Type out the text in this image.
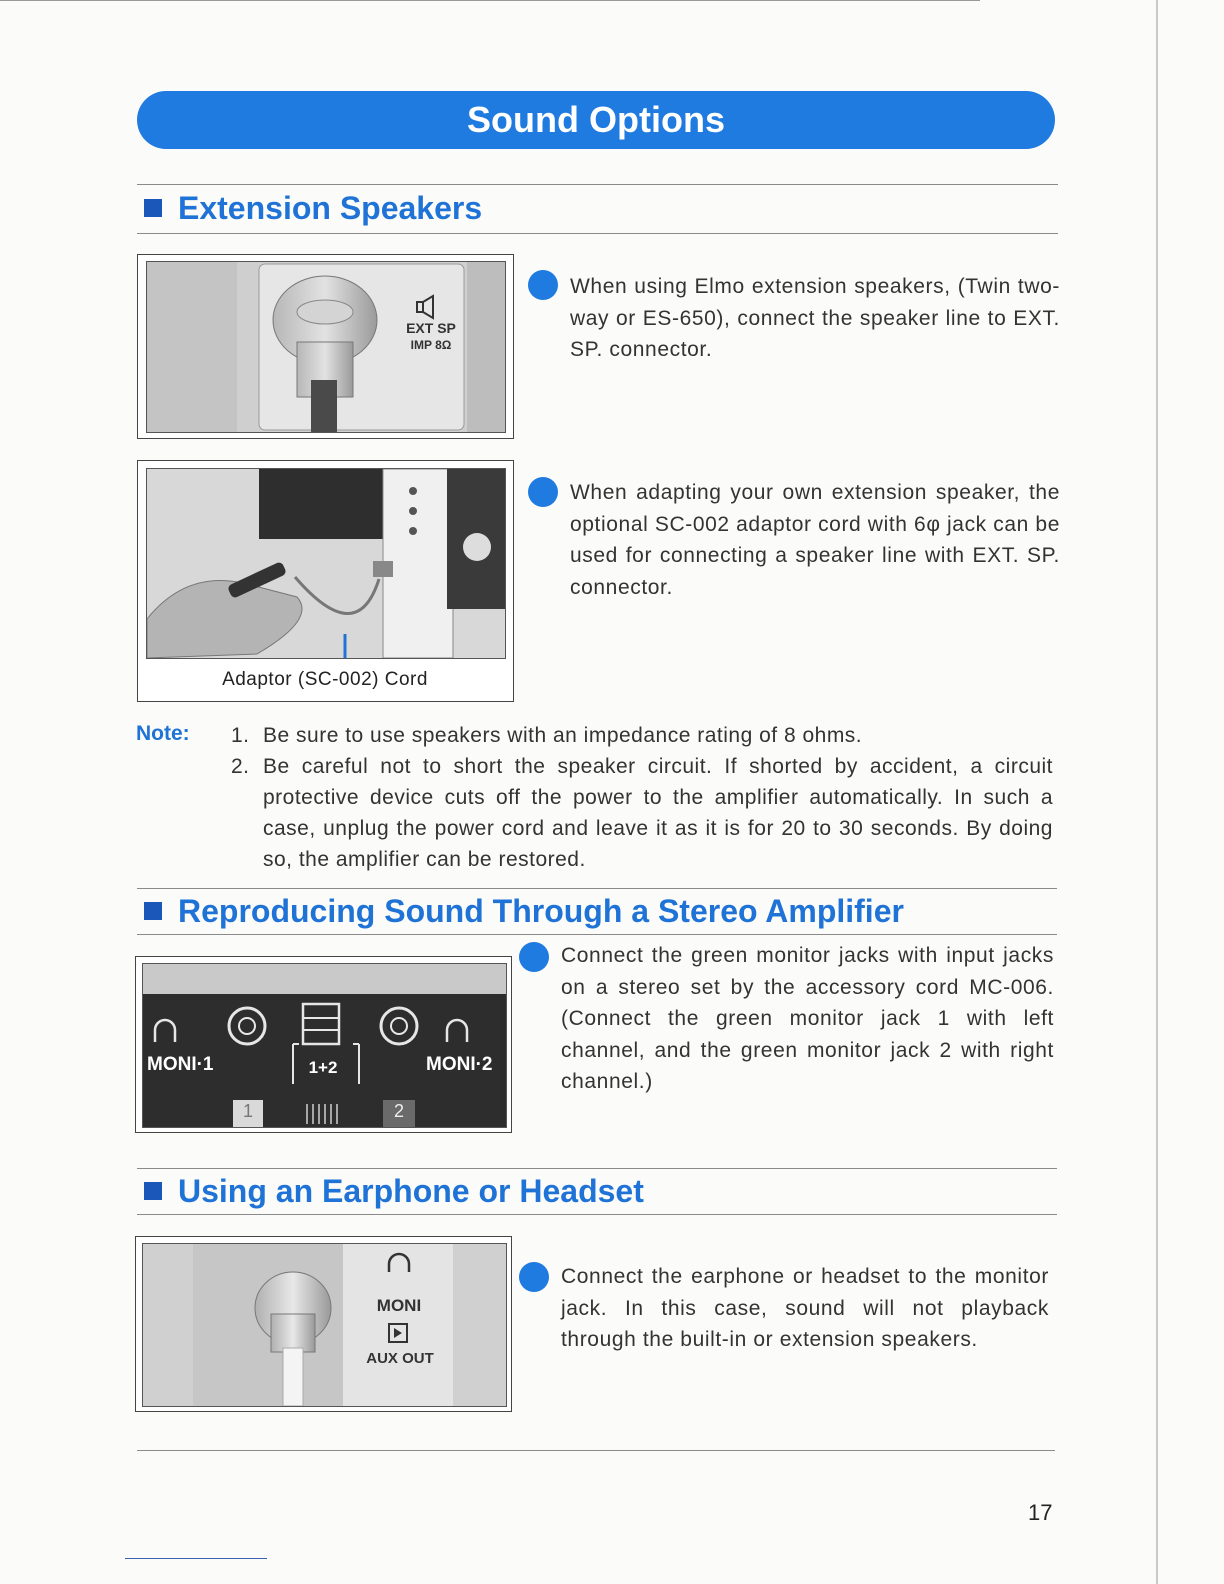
Sound Options
Extension Speakers
EXT SP
IMP 8Ω
When using Elmo extension speakers, (Twin two-way or ES-650), connect the speaker line to EXT. SP. connector.
Adaptor (SC-002) Cord
When adapting your own extension speaker, the optional SC-002 adaptor cord with 6φ jack can be used for connecting a speaker line with EXT. SP. connector.
Note: 1. Be sure to use speakers with an impedance rating of 8 ohms.
2. Be careful not to short the speaker circuit. If shorted by accident, a circuit protective device cuts off the power to the amplifier automatically. In such a case, unplug the power cord and leave it as it is for 20 to 30 seconds. By doing so, the amplifier can be restored.
Reproducing Sound Through a Stereo Amplifier
MONI·1	MONI·2
1+2
1	2
Connect the green monitor jacks with input jacks on a stereo set by the accessory cord MC-006. (Connect the green monitor jack 1 with left channel, and the green monitor jack 2 with right channel.)
Using an Earphone or Headset
MONI
AUX OUT
Connect the earphone or headset to the monitor jack. In this case, sound will not playback through the built-in or extension speakers.
17
